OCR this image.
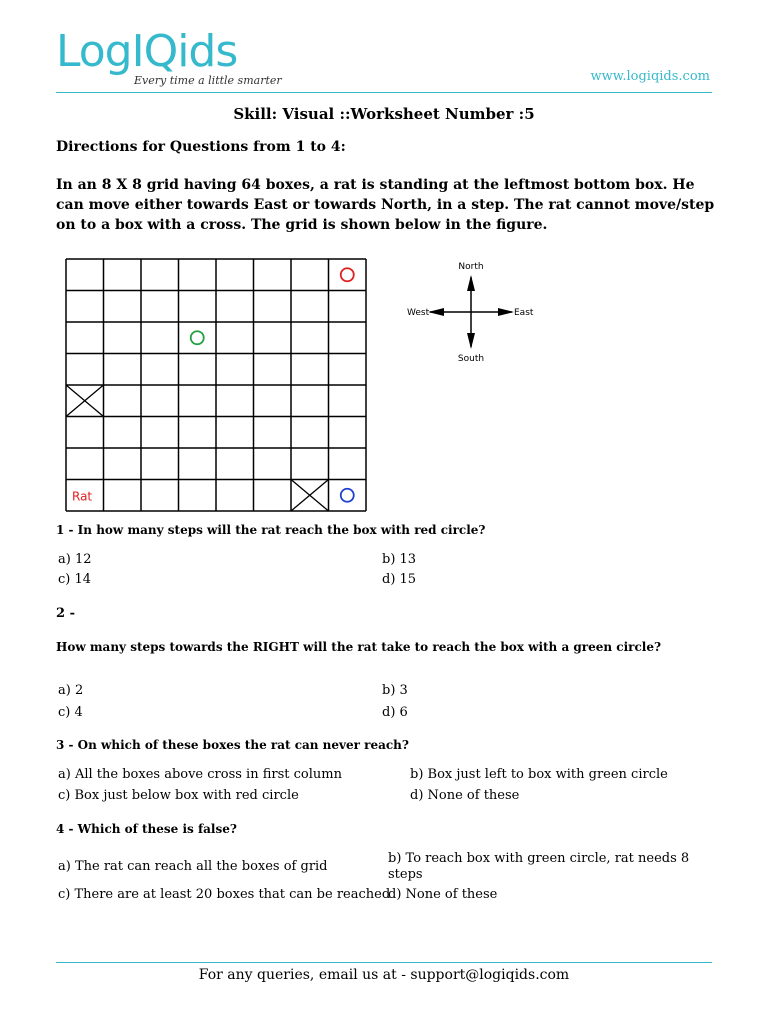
LogIQids
Every time a little smarter	www.logiqids.com
Skill: Visual ::Worksheet Number :5
Directions for Questions from 1 to 4:
In an 8 X 8 grid having 64 boxes, a rat is standing at the leftmost bottom box. He can move either towards East or towards North, in a step. The rat cannot move/step on to a box with a cross. The grid is shown below in the figure.
Rat
North
South
East
West
1 - In how many steps will the rat reach the box with red circle?
a) 12	b) 13
c) 14	d) 15
2 -
How many steps towards the RIGHT will the rat take to reach the box with a green circle?
a) 2	b) 3
c) 4	d) 6
3 - On which of these boxes the rat can never reach?
a) All the boxes above cross in first column	b) Box just left to box with green circle
c) Box just below box with red circle	d) None of these
4 - Which of these is false?
a) The rat can reach all the boxes of grid
b) To reach box with green circle, rat needs 8 steps
c) There are at least 20 boxes that can be reached
d) None of these
For any queries, email us at - support@logiqids.com
